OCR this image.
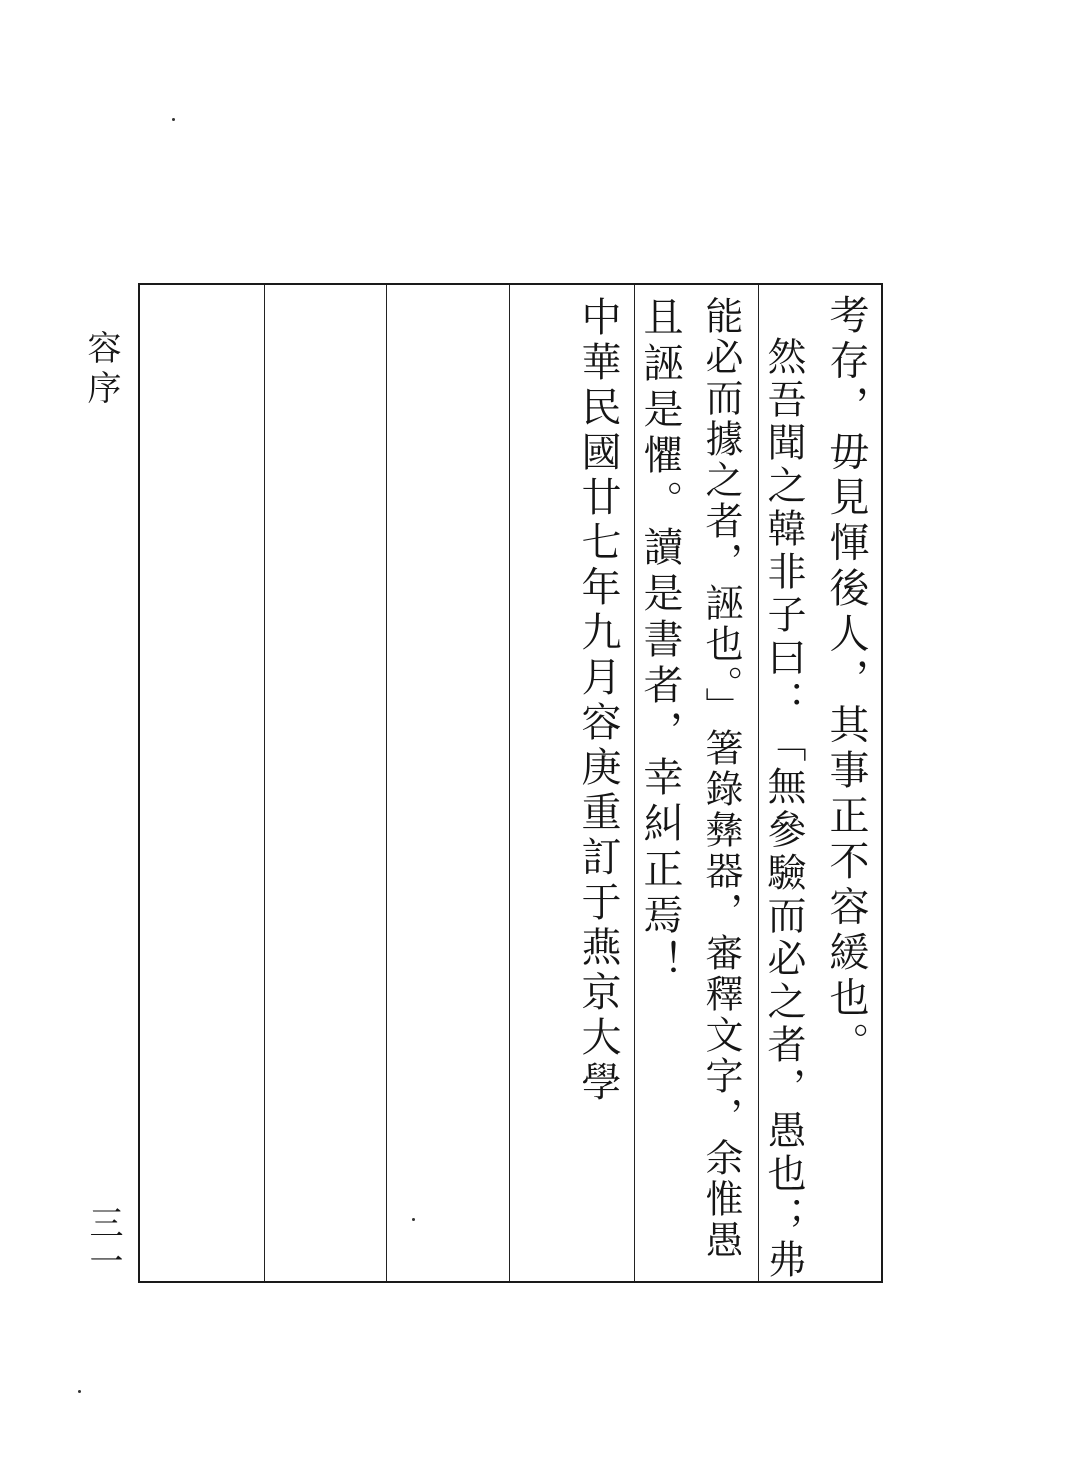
容序
三一
考存，毋見惲後人，其事正不容緩也。
然吾聞之韓非子曰：「無參驗而必之者，愚也；弗
能必而據之者，誣也。」箸錄彝器，審釋文字，余惟愚
且誣是懼。讀是書者，幸糾正焉！
中華民國廿七年九月容庚重訂于燕京大學
